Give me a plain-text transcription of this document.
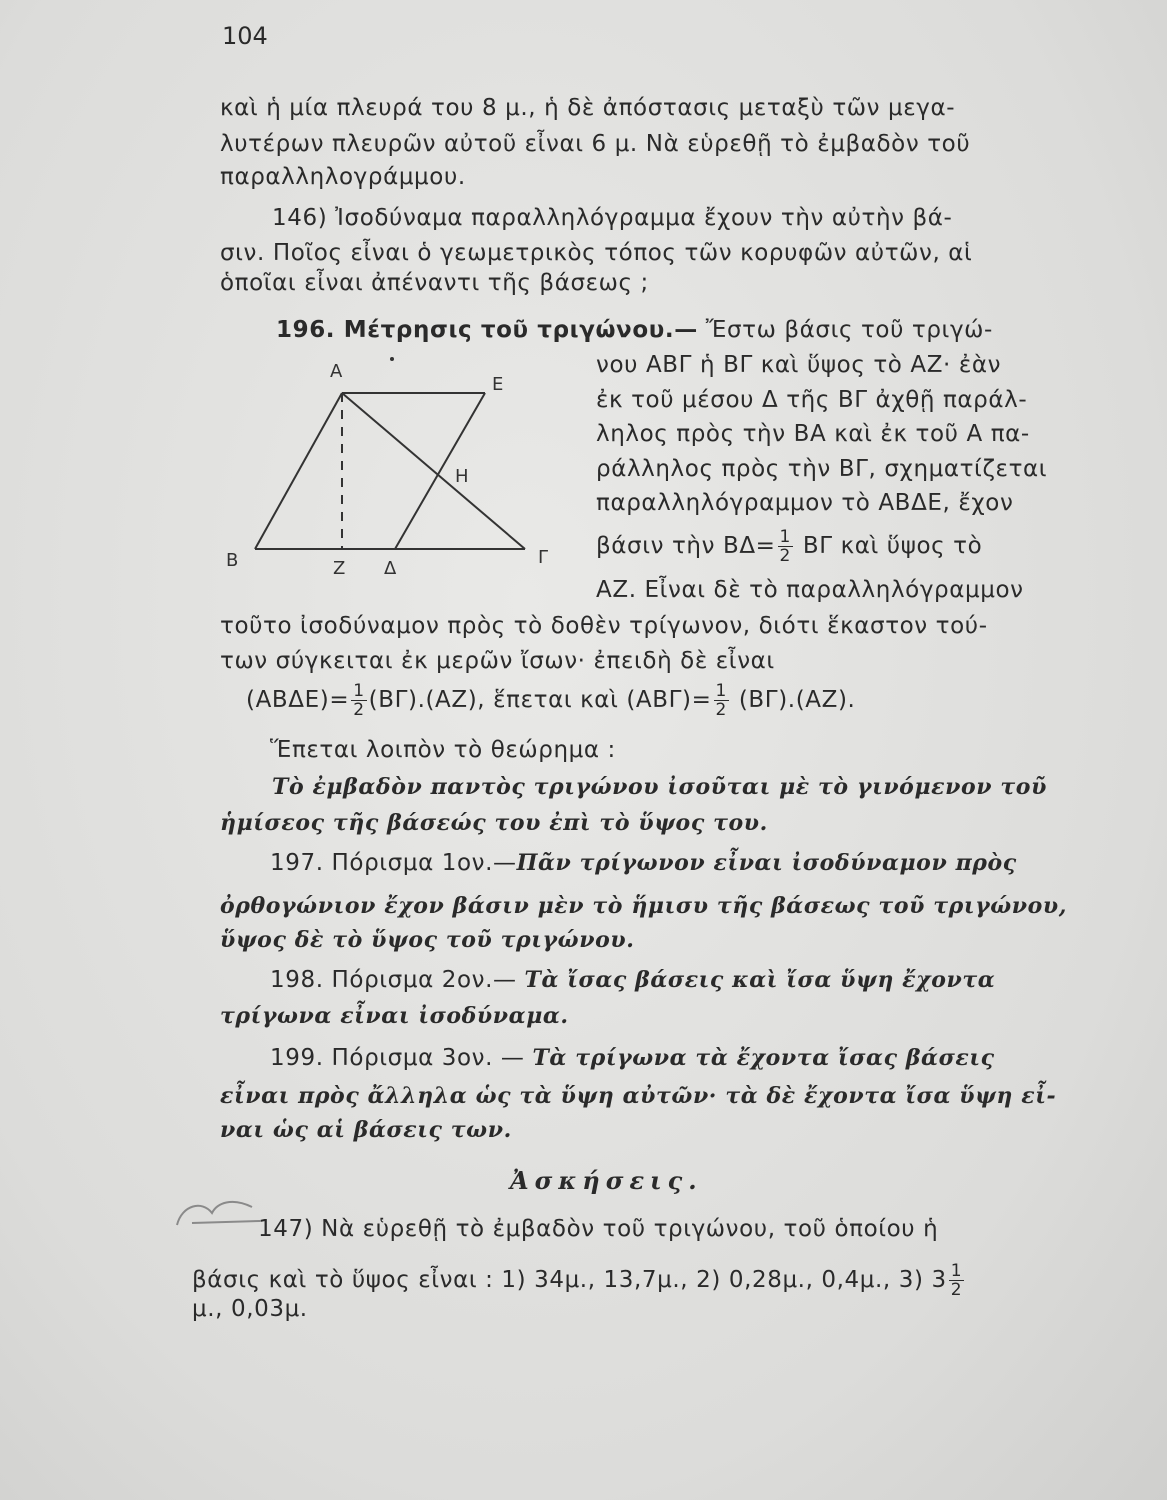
104
καὶ ἡ μία πλευρά του 8 μ., ἡ δὲ ἀπόστασις μεταξὺ τῶν μεγα-
λυτέρων πλευρῶν αὐτοῦ εἶναι 6 μ. Νὰ εὑρεθῇ τὸ ἐμβαδὸν τοῦ
παραλληλογράμμου.
146) Ἰσοδύναμα παραλληλόγραμμα ἔχουν τὴν αὐτὴν βά-
σιν. Ποῖος εἶναι ὁ γεωμετρικὸς τόπος τῶν κορυφῶν αὐτῶν, αἱ
ὁποῖαι εἶναι ἀπέναντι τῆς βάσεως ;
196. Μέτρησις τοῦ τριγώνου.— Ἔστω βάσις τοῦ τριγώ-
Α
Ε
Η
Β	Γ
Ζ Δ
νου ΑΒΓ ἡ ΒΓ καὶ ὕψος τὸ ΑΖ· ἐὰν
ἐκ τοῦ μέσου Δ τῆς ΒΓ ἀχθῇ παράλ-
ληλος πρὸς τὴν ΒΑ καὶ ἐκ τοῦ Α πα-
ράλληλος πρὸς τὴν ΒΓ, σχηματίζεται
παραλληλόγραμμον τὸ ΑΒΔΕ, ἔχον
βάσιν τὴν $B\Delta= \frac{1}{2}$ ΒΓ καὶ ὕψος τὸ
ΑΖ. Εἶναι δὲ τὸ παραλληλόγραμμον
τοῦτο ἰσοδύναμον πρὸς τὸ δοθὲν τρίγωνον, διότι ἕκαστον τού-
των σύγκειται ἐκ μερῶν ἴσων· ἐπειδὴ δὲ εἶναι
$(AB\Delta E)= \frac{1}{2} (B\Gamma).(AZ)$, ἕπεται καὶ $(AB\Gamma)= \frac{1}{2} (B\Gamma).(AZ)$.
Ἕπεται λοιπὸν τὸ θεώρημα :
Τὸ ἐμβαδὸν παντὸς τριγώνου ἰσοῦται μὲ τὸ γινόμενον τοῦ
ἡμίσεος τῆς βάσεώς του ἐπὶ τὸ ὕψος του.
197. Πόρισμα 1ον.—Πᾶν τρίγωνον εἶναι ἰσοδύναμον πρὸς
ὀρθογώνιον ἔχον βάσιν μὲν τὸ ἥμισυ τῆς βάσεως τοῦ τριγώνου,
ὕψος δὲ τὸ ὕψος τοῦ τριγώνου.
198. Πόρισμα 2ον.— Τὰ ἴσας βάσεις καὶ ἴσα ὕψη ἔχοντα
τρίγωνα εἶναι ἰσοδύναμα.
199. Πόρισμα 3ον. — Τὰ τρίγωνα τὰ ἔχοντα ἴσας βάσεις
εἶναι πρὸς ἄλληλα ὡς τὰ ὕψη αὐτῶν· τὰ δὲ ἔχοντα ἴσα ὕψη εἶ-
ναι ὡς αἱ βάσεις των.
Ἀσκήσεις.
147) Νὰ εὑρεθῇ τὸ ἐμβαδὸν τοῦ τριγώνου, τοῦ ὁποίου ἡ
βάσις καὶ τὸ ὕψος εἶναι : 1) 34μ., 13,7μ., 2) 0,28μ., 0,4μ., 3) $3 \frac{1}{2}$
μ., 0,03μ.
